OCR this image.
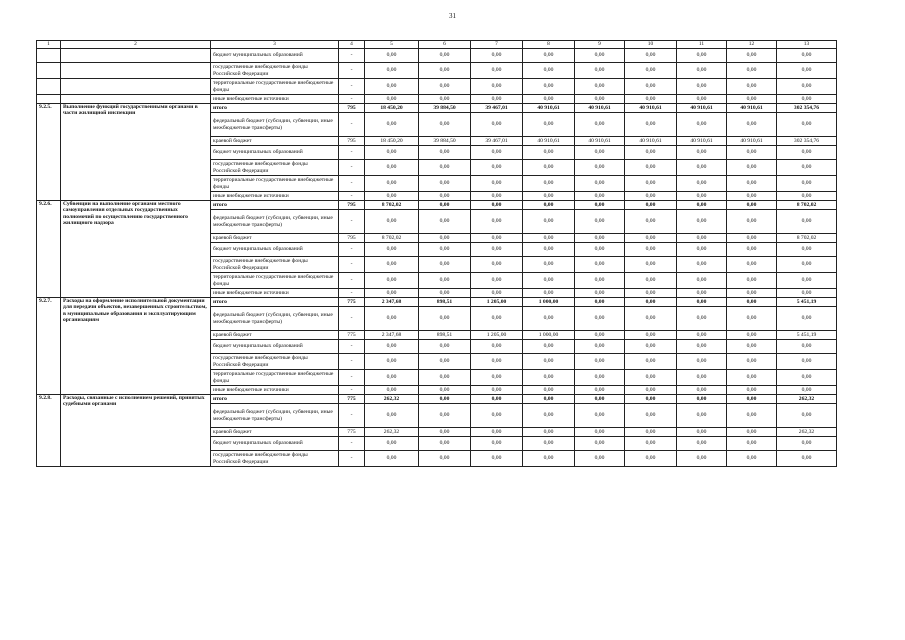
31
1	2	3	4	5	6	7	8	9	10	11	12	13
		бюджет муниципальных образований	-	0,00	0,00	0,00	0,00	0,00	0,00	0,00	0,00	0,00
		государственные внебюджетные фонды Российской Федерации	-	0,00	0,00	0,00	0,00	0,00	0,00	0,00	0,00	0,00
		территориальные государственные внебюджетные фонды	-	0,00	0,00	0,00	0,00	0,00	0,00	0,00	0,00	0,00
		иные внебюджетные источники	-	0,00	0,00	0,00	0,00	0,00	0,00	0,00	0,00	0,00
9.2.5.	Выполнение функций государственными органами в части жилищной инспекции	итого	795	18 450,20	39 884,50	39 467,01	40 910,61	40 910,61	40 910,61	40 910,61	40 910,61	302 354,76
		федеральный бюджет (субсидии, субвенции, иные межбюджетные трансферты)	-	0,00	0,00	0,00	0,00	0,00	0,00	0,00	0,00	0,00
		краевой бюджет	795	18 450,20	39 884,50	39 467,01	40 910,61	40 910,61	40 910,61	40 910,61	40 910,61	302 354,76
		бюджет муниципальных образований	-	0,00	0,00	0,00	0,00	0,00	0,00	0,00	0,00	0,00
		государственные внебюджетные фонды Российской Федерации	-	0,00	0,00	0,00	0,00	0,00	0,00	0,00	0,00	0,00
		территориальные государственные внебюджетные фонды	-	0,00	0,00	0,00	0,00	0,00	0,00	0,00	0,00	0,00
		иные внебюджетные источники	-	0,00	0,00	0,00	0,00	0,00	0,00	0,00	0,00	0,00
9.2.6.	Субвенции на выполнение органами местного самоуправления отдельных государственных полномочий по осуществлению государственного жилищного надзора	итого	795	8 702,02	0,00	0,00	0,00	0,00	0,00	0,00	0,00	8 702,02
		федеральный бюджет (субсидии, субвенции, иные межбюджетные трансферты)	-	0,00	0,00	0,00	0,00	0,00	0,00	0,00	0,00	0,00
		краевой бюджет	795	8 702,02	0,00	0,00	0,00	0,00	0,00	0,00	0,00	8 702,02
		бюджет муниципальных образований	-	0,00	0,00	0,00	0,00	0,00	0,00	0,00	0,00	0,00
		государственные внебюджетные фонды Российской Федерации	-	0,00	0,00	0,00	0,00	0,00	0,00	0,00	0,00	0,00
		территориальные государственные внебюджетные фонды	-	0,00	0,00	0,00	0,00	0,00	0,00	0,00	0,00	0,00
		иные внебюджетные источники	-	0,00	0,00	0,00	0,00	0,00	0,00	0,00	0,00	0,00
9.2.7.	Расходы на оформление исполнительной документации для передачи объектов, незавершенных строительством, в муниципальные образования и эксплуатирующим организациям	итого	775	2 347,68	898,51	1 205,00	1 000,00	0,00	0,00	0,00	0,00	5 451,19
		федеральный бюджет (субсидии, субвенции, иные межбюджетные трансферты)	-	0,00	0,00	0,00	0,00	0,00	0,00	0,00	0,00	0,00
		краевой бюджет	775	2 347,68	898,51	1 205,00	1 000,00	0,00	0,00	0,00	0,00	5 451,19
		бюджет муниципальных образований	-	0,00	0,00	0,00	0,00	0,00	0,00	0,00	0,00	0,00
		государственные внебюджетные фонды Российской Федерации	-	0,00	0,00	0,00	0,00	0,00	0,00	0,00	0,00	0,00
		территориальные государственные внебюджетные фонды	-	0,00	0,00	0,00	0,00	0,00	0,00	0,00	0,00	0,00
		иные внебюджетные источники	-	0,00	0,00	0,00	0,00	0,00	0,00	0,00	0,00	0,00
9.2.8.	Расходы, связанные с исполнением решений, принятых судебными органами	итого	775	262,32	0,00	0,00	0,00	0,00	0,00	0,00	0,00	262,32
		федеральный бюджет (субсидии, субвенции, иные межбюджетные трансферты)	-	0,00	0,00	0,00	0,00	0,00	0,00	0,00	0,00	0,00
		краевой бюджет	775	262,32	0,00	0,00	0,00	0,00	0,00	0,00	0,00	262,32
		бюджет муниципальных образований	-	0,00	0,00	0,00	0,00	0,00	0,00	0,00	0,00	0,00
		государственные внебюджетные фонды Российской Федерации	-	0,00	0,00	0,00	0,00	0,00	0,00	0,00	0,00	0,00
